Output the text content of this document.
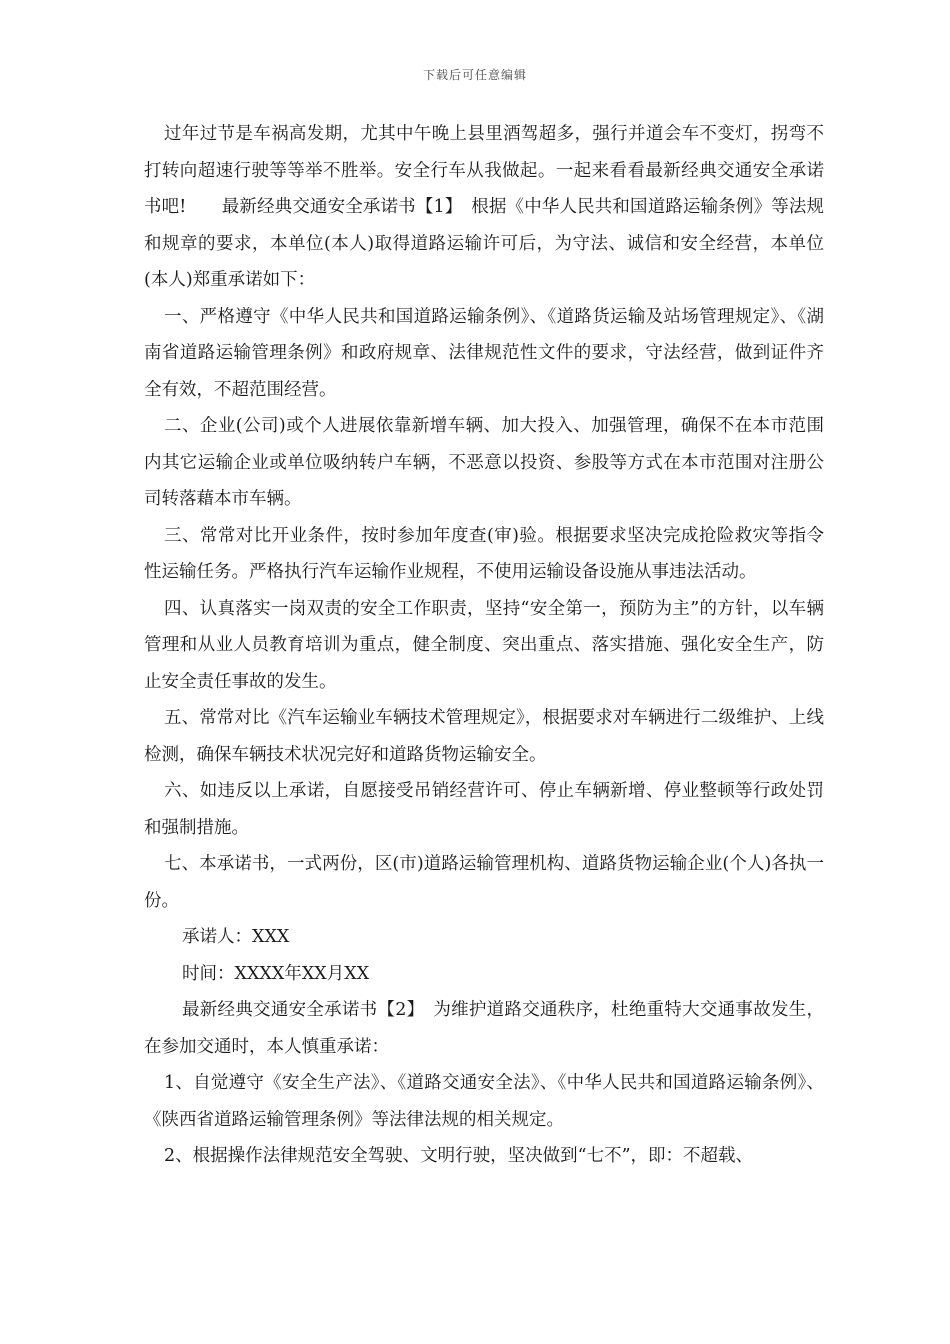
下载后可任意编辑

过年过节是车祸高发期，尤其中午晚上县里酒驾超多，强行并道会车不变灯，拐弯不打转向超速行驶等等举不胜举。安全行车从我做起。一起来看看最新经典交通安全承诺书吧!　　最新经典交通安全承诺书【1】　根据《中华人民共和国道路运输条例》等法规和规章的要求，本单位(本人)取得道路运输许可后，为守法、诚信和安全经营，本单位(本人)郑重承诺如下：

一、严格遵守《中华人民共和国道路运输条例》、《道路货运输及站场管理规定》、《湖南省道路运输管理条例》和政府规章、法律规范性文件的要求，守法经营，做到证件齐全有效，不超范围经营。

二、企业(公司)或个人进展依靠新增车辆、加大投入、加强管理，确保不在本市范围内其它运输企业或单位吸纳转户车辆，不恶意以投资、参股等方式在本市范围对注册公司转落藉本市车辆。

三、常常对比开业条件，按时参加年度查(审)验。根据要求坚决完成抢险救灾等指令性运输任务。严格执行汽车运输作业规程，不使用运输设备设施从事违法活动。

四、认真落实一岗双责的安全工作职责，坚持“安全第一，预防为主”的方针，以车辆管理和从业人员教育培训为重点，健全制度、突出重点、落实措施、强化安全生产，防止安全责任事故的发生。

五、常常对比《汽车运输业车辆技术管理规定》，根据要求对车辆进行二级维护、上线检测，确保车辆技术状况完好和道路货物运输安全。

六、如违反以上承诺，自愿接受吊销经营许可、停止车辆新增、停业整顿等行政处罚和强制措施。

七、本承诺书，一式两份，区(市)道路运输管理机构、道路货物运输企业(个人)各执一份。

承诺人：XXX

时间：XXXX年XX月XX

最新经典交通安全承诺书【2】　为维护道路交通秩序，杜绝重特大交通事故发生，在参加交通时，本人慎重承诺：

1、自觉遵守《安全生产法》、《道路交通安全法》、《中华人民共和国道路运输条例》、《陕西省道路运输管理条例》等法律法规的相关规定。

2、根据操作法律规范安全驾驶、文明行驶，坚决做到“七不”，即：不超载、
